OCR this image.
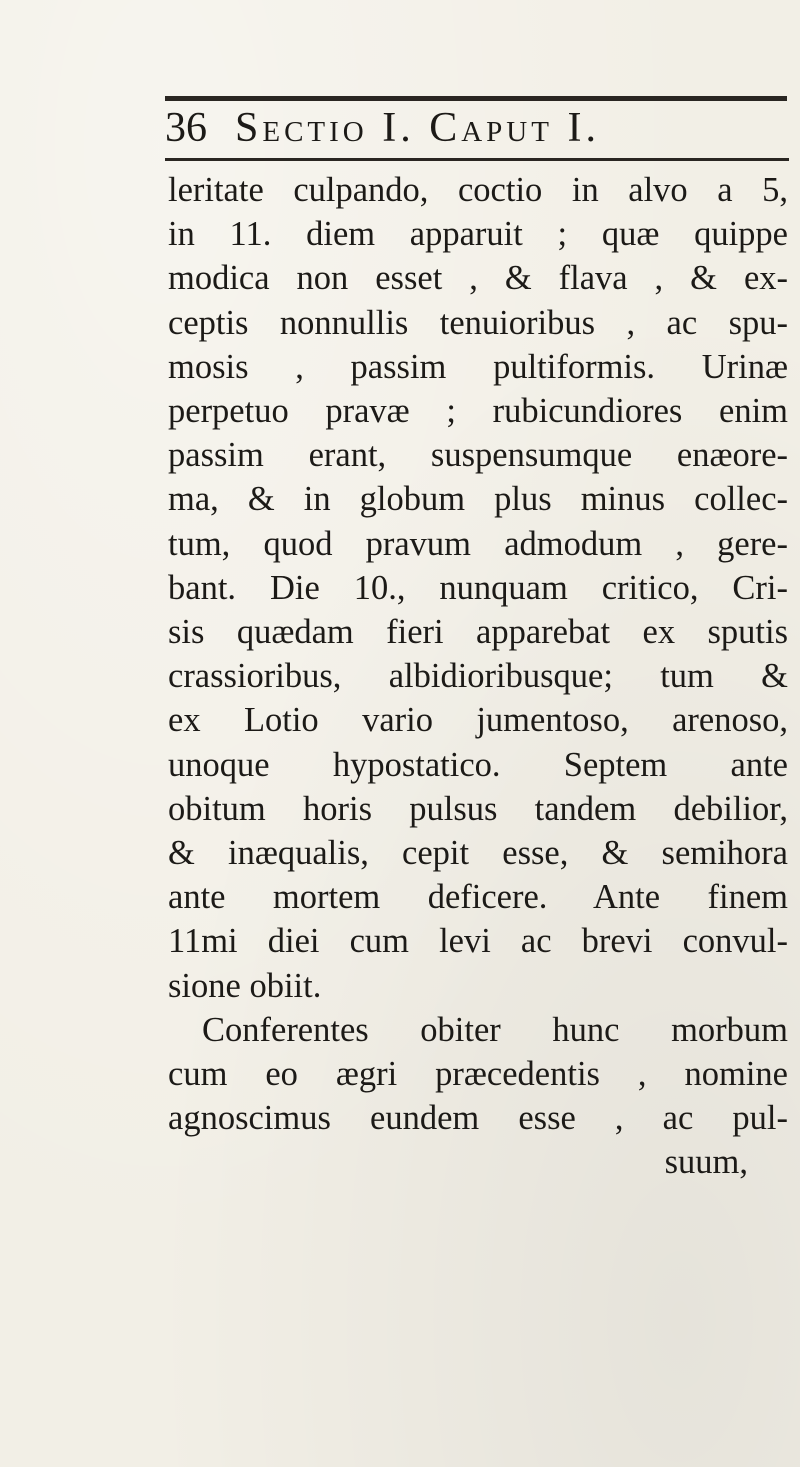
36 Sectio I. Caput I.
leritate culpando, coctio in alvo a 5,
in 11. diem apparuit ; quæ quippe
modica non esset , & flava , & ex-
ceptis nonnullis tenuioribus , ac spu-
mosis , passim pultiformis. Urinæ
perpetuo pravæ ; rubicundiores enim
passim erant, suspensumque enæore-
ma, & in globum plus minus collec-
tum, quod pravum admodum , gere-
bant. Die 10., nunquam critico, Cri-
sis quædam fieri apparebat ex sputis
crassioribus, albidioribusque; tum &
ex Lotio vario jumentoso, arenoso,
unoque hypostatico. Septem ante
obitum horis pulsus tandem debilior,
& inæqualis, cepit esse, & semihora
ante mortem deficere. Ante finem
11mi diei cum levi ac brevi convul-
sione obiit.
Conferentes obiter hunc morbum
cum eo ægri præcedentis , nomine
agnoscimus eundem esse , ac pul-
suum,
